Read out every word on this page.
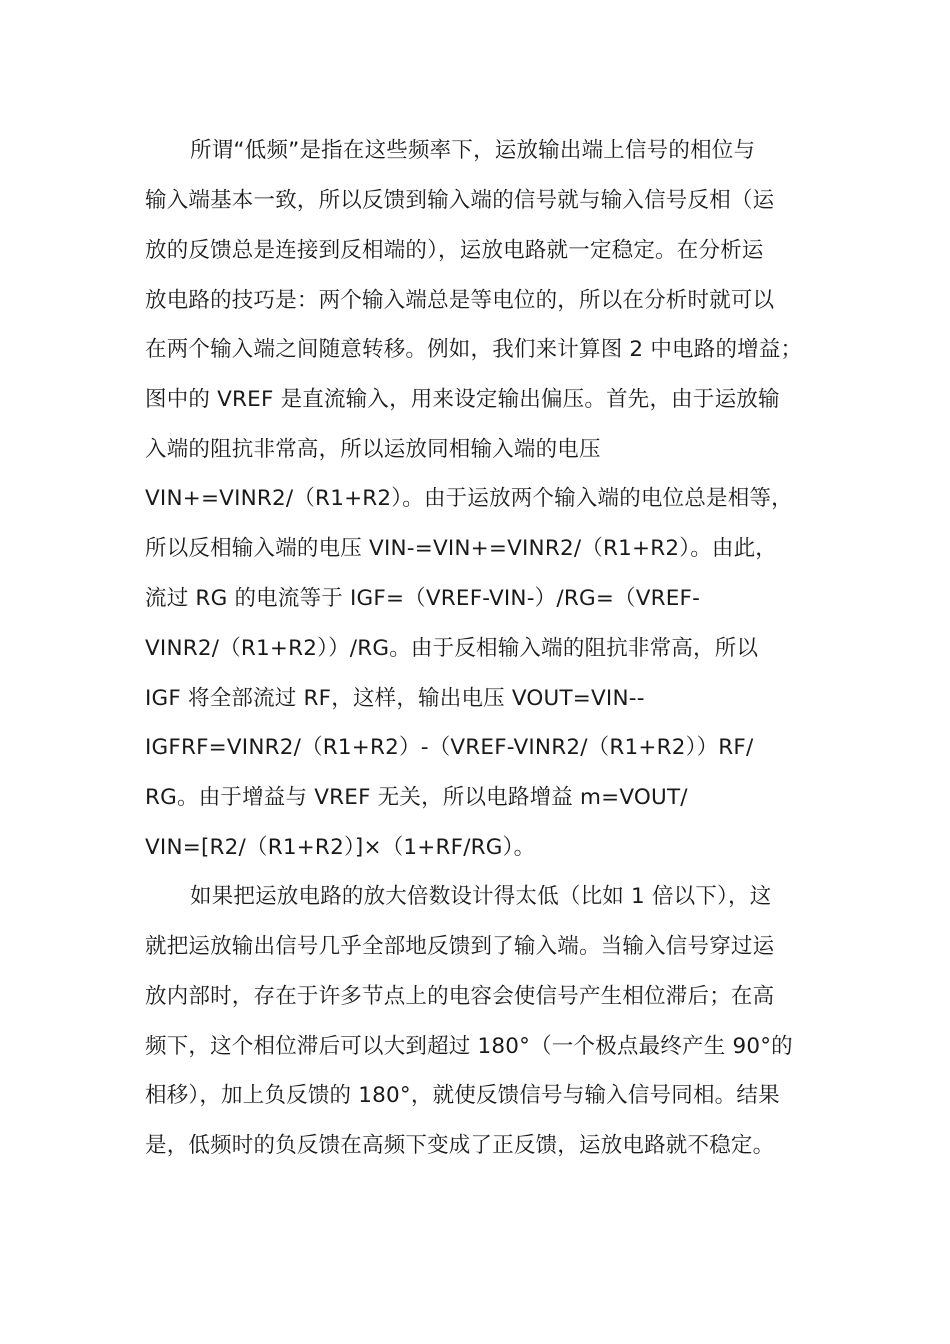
所谓“低频”是指在这些频率下，运放输出端上信号的相位与
输入端基本一致，所以反馈到输入端的信号就与输入信号反相（运
放的反馈总是连接到反相端的），运放电路就一定稳定。在分析运
放电路的技巧是：两个输入端总是等电位的，所以在分析时就可以
在两个输入端之间随意转移。例如，我们来计算图 2 中电路的增益；
图中的 VREF 是直流输入，用来设定输出偏压。首先，由于运放输
入端的阻抗非常高，所以运放同相输入端的电压
VIN+=VINR2/（R1+R2）。由于运放两个输入端的电位总是相等，
所以反相输入端的电压 VIN-=VIN+=VINR2/（R1+R2）。由此，
流过 RG 的电流等于 IGF=（VREF-VIN-）/RG=（VREF-
VINR2/（R1+R2））/RG。由于反相输入端的阻抗非常高，所以
IGF 将全部流过 RF，这样，输出电压 VOUT=VIN--
IGFRF=VINR2/（R1+R2）-（VREF-VINR2/（R1+R2））RF/
RG。由于增益与 VREF 无关，所以电路增益 m=VOUT/
VIN=[R2/（R1+R2）]×（1+RF/RG）。
如果把运放电路的放大倍数设计得太低（比如 1 倍以下），这
就把运放输出信号几乎全部地反馈到了输入端。当输入信号穿过运
放内部时，存在于许多节点上的电容会使信号产生相位滞后；在高
频下，这个相位滞后可以大到超过 180°（一个极点最终产生 90°的
相移），加上负反馈的 180°，就使反馈信号与输入信号同相。结果
是，低频时的负反馈在高频下变成了正反馈，运放电路就不稳定。
